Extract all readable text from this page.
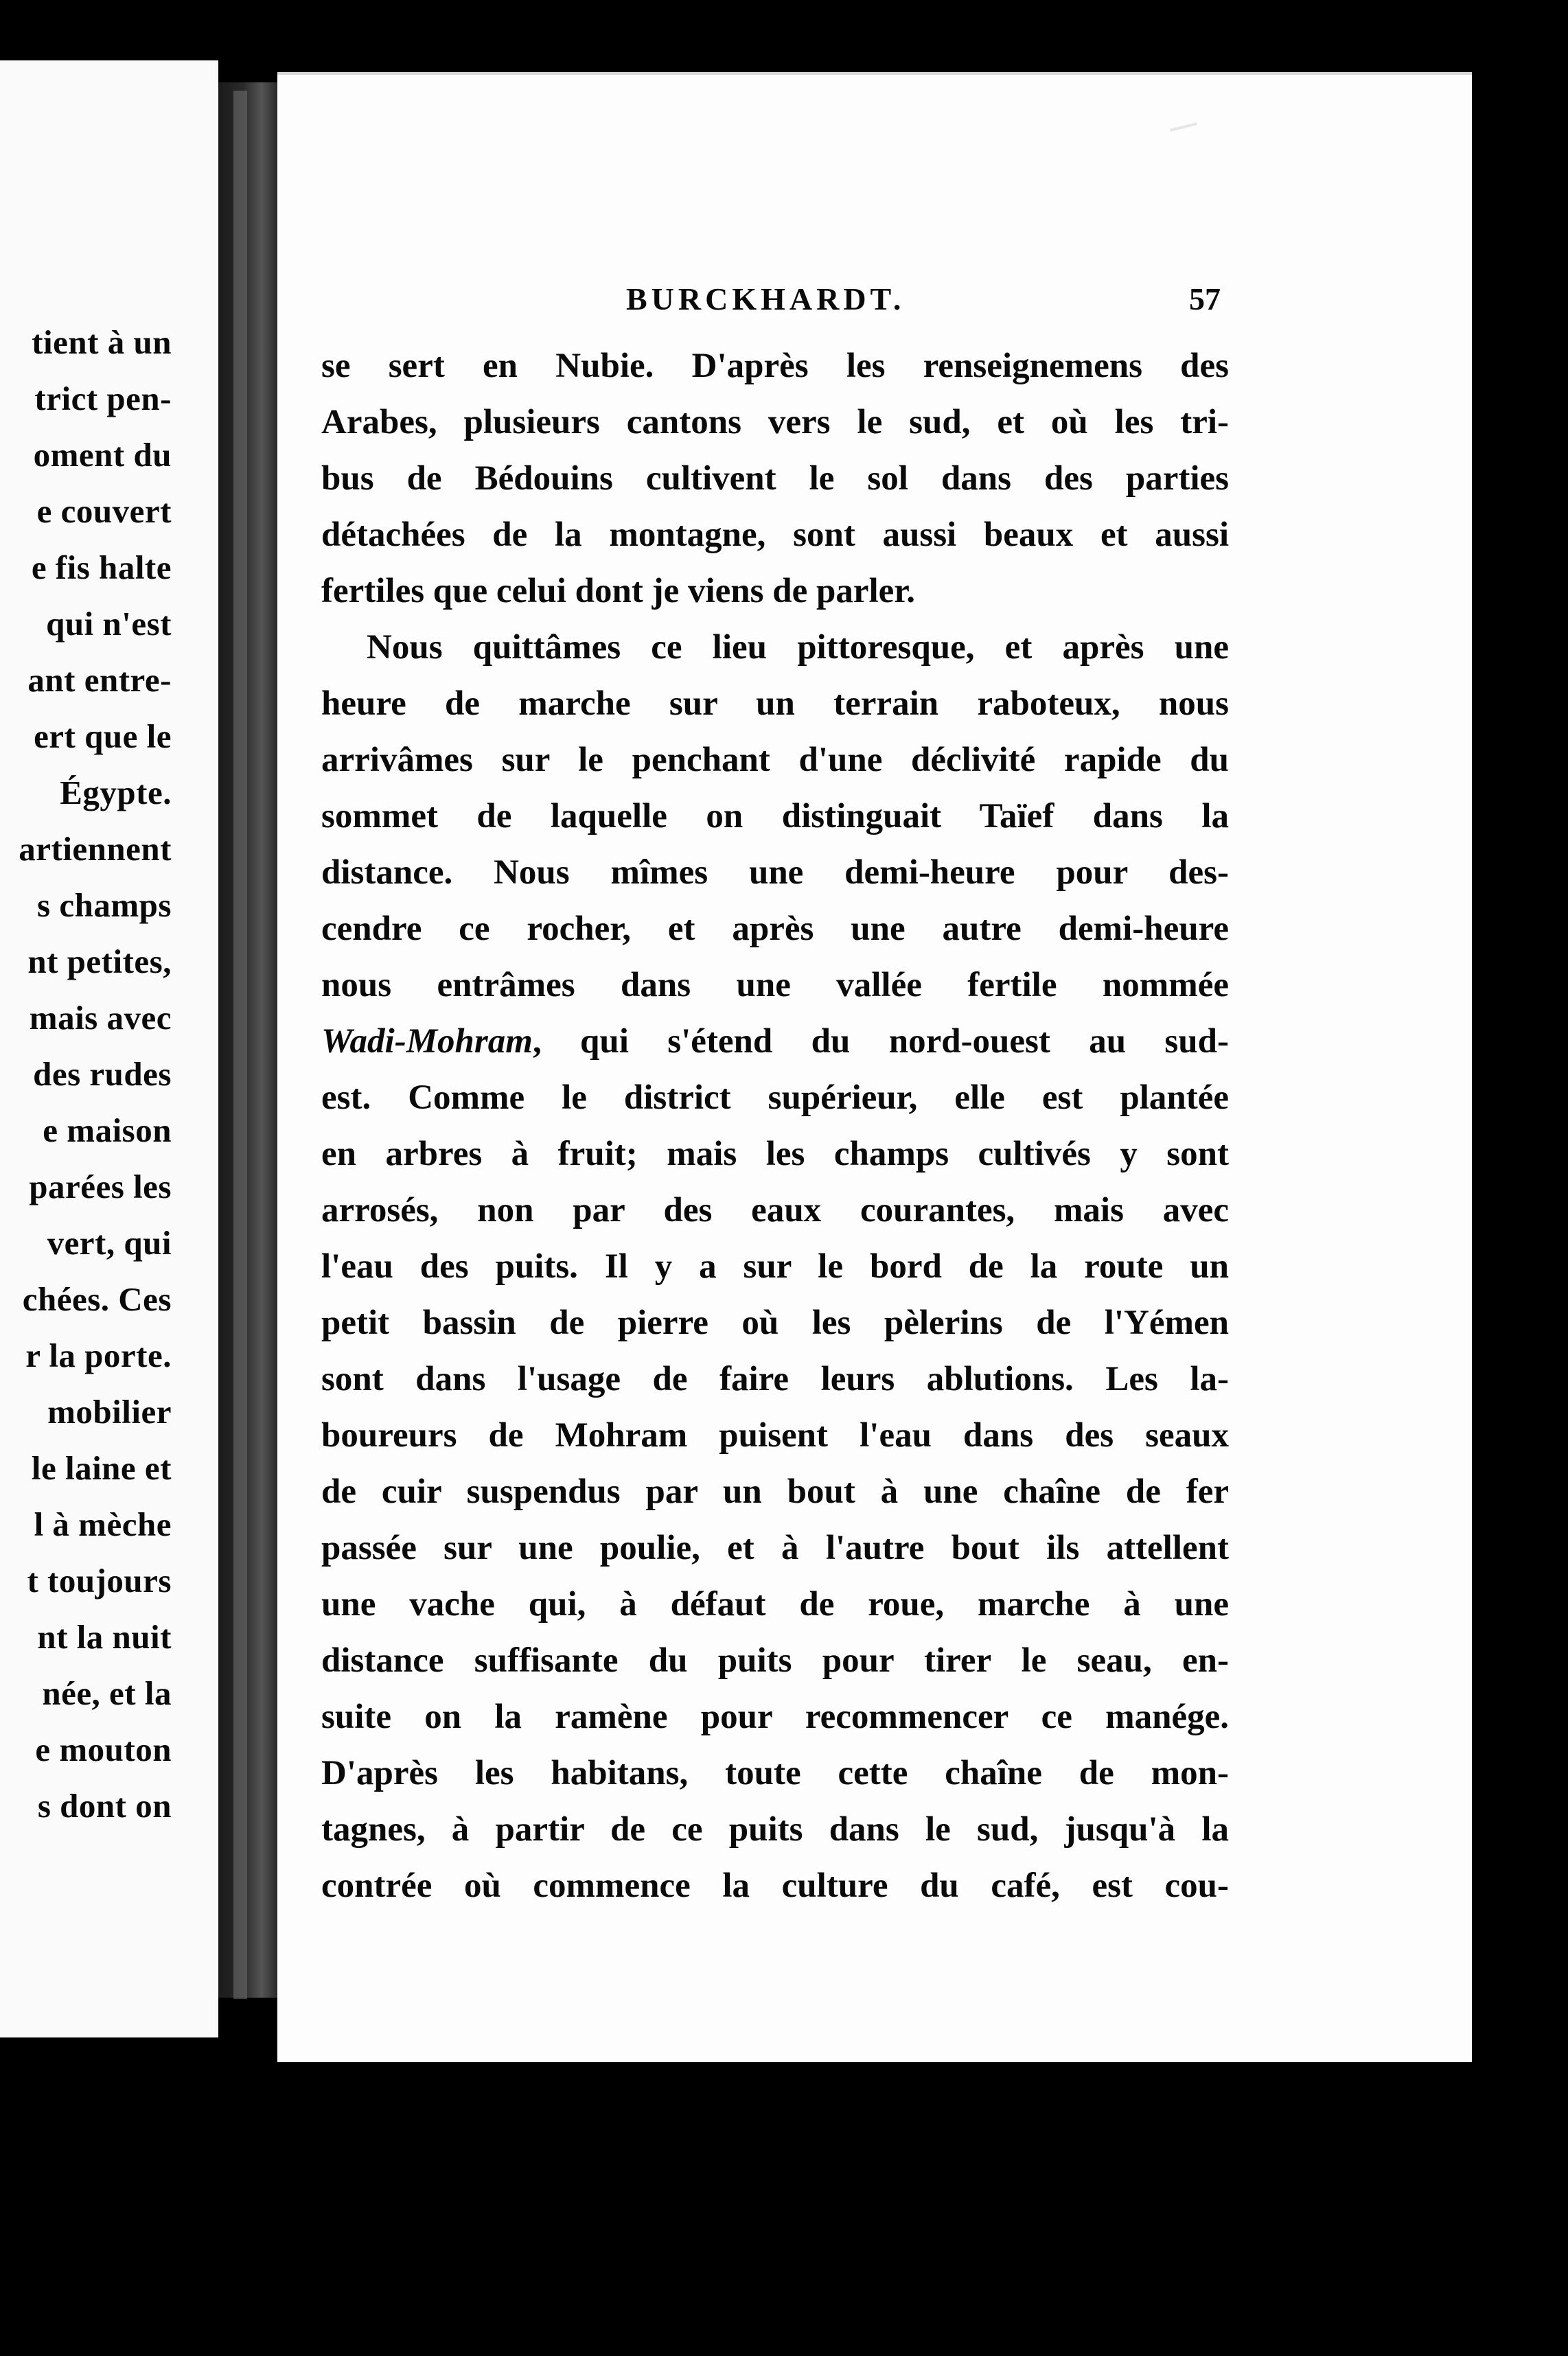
tient à un
trict pen-
oment du
e couvert
e fis halte
qui n'est
ant entre-
ert que le
Égypte.
artiennent
s champs
nt petites,
mais avec
des rudes
e maison
parées les
vert, qui
chées. Ces
r la porte.
mobilier
le laine et
l à mèche
t toujours
nt la nuit
née, et la
e mouton
s dont on
BURCKHARDT.	57
se sert en Nubie. D'après les renseignemens des
Arabes, plusieurs cantons vers le sud, et où les tri-
bus de Bédouins cultivent le sol dans des parties
détachées de la montagne, sont aussi beaux et aussi
fertiles que celui dont je viens de parler.
Nous quittâmes ce lieu pittoresque, et après une
heure de marche sur un terrain raboteux, nous
arrivâmes sur le penchant d'une déclivité rapide du
sommet de laquelle on distinguait Taïef dans la
distance. Nous mîmes une demi-heure pour des-
cendre ce rocher, et après une autre demi-heure
nous entrâmes dans une vallée fertile nommée
Wadi-Mohram, qui s'étend du nord-ouest au sud-
est. Comme le district supérieur, elle est plantée
en arbres à fruit; mais les champs cultivés y sont
arrosés, non par des eaux courantes, mais avec
l'eau des puits. Il y a sur le bord de la route un
petit bassin de pierre où les pèlerins de l'Yémen
sont dans l'usage de faire leurs ablutions. Les la-
boureurs de Mohram puisent l'eau dans des seaux
de cuir suspendus par un bout à une chaîne de fer
passée sur une poulie, et à l'autre bout ils attellent
une vache qui, à défaut de roue, marche à une
distance suffisante du puits pour tirer le seau, en-
suite on la ramène pour recommencer ce manége.
D'après les habitans, toute cette chaîne de mon-
tagnes, à partir de ce puits dans le sud, jusqu'à la
contrée où commence la culture du café, est cou-
